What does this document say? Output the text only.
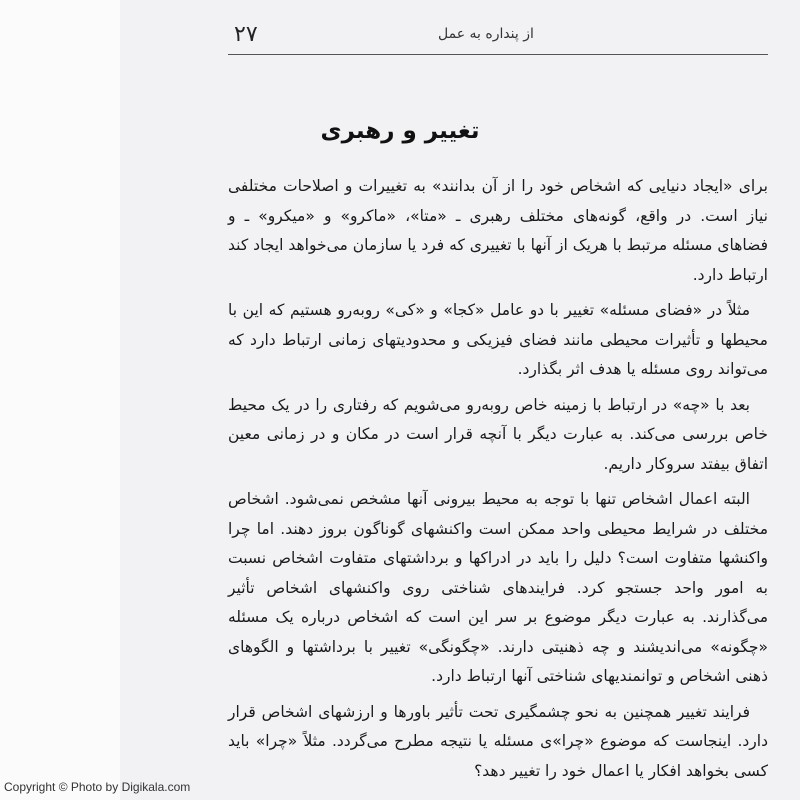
۲۷	از پنداره به عمل
تغییر و رهبری

برای «ایجاد دنیایی که اشخاص خود را از آن بدانند» به تغییرات و اصلاحات مختلفی نیاز است. در واقع، گونه‌های مختلف رهبری ـ «متا»، «ماکرو» و «میکرو» ـ و فضاهای مسئله مرتبط با هریک از آنها با تغییری که فرد یا سازمان می‌خواهد ایجاد کند ارتباط دارد.

مثلاً در «فضای مسئله» تغییر با دو عامل «کجا» و «کی» روبه‌رو هستیم که این با محیطها و تأثیرات محیطی مانند فضای فیزیکی و محدودیتهای زمانی ارتباط دارد که می‌تواند روی مسئله یا هدف اثر بگذارد.

بعد با «چه» در ارتباط با زمینه خاص روبه‌رو می‌شویم که رفتاری را در یک محیط خاص بررسی می‌کند. به عبارت دیگر با آنچه قرار است در مکان و در زمانی معین اتفاق بیفتد سروکار داریم.

البته اعمال اشخاص تنها با توجه به محیط بیرونی آنها مشخص نمی‌شود. اشخاص مختلف در شرایط محیطی واحد ممکن است واکنشهای گوناگون بروز دهند. اما چرا واکنشها متفاوت است؟ دلیل را باید در ادراکها و برداشتهای متفاوت اشخاص نسبت به امور واحد جستجو کرد. فرایندهای شناختی روی واکنشهای اشخاص تأثیر می‌گذارند. به عبارت دیگر موضوع بر سر این است که اشخاص درباره یک مسئله «چگونه» می‌اندیشند و چه ذهنیتی دارند. «چگونگی» تغییر با برداشتها و الگوهای ذهنی اشخاص و توانمندیهای شناختی آنها ارتباط دارد.

فرایند تغییر همچنین به نحو چشمگیری تحت تأثیر باورها و ارزشهای اشخاص قرار دارد. اینجاست که موضوع «چرا»ی مسئله یا نتیجه مطرح می‌گردد. مثلاً «چرا» باید کسی بخواهد افکار یا اعمال خود را تغییر دهد؟

Copyright © Photo by Digikala.com
